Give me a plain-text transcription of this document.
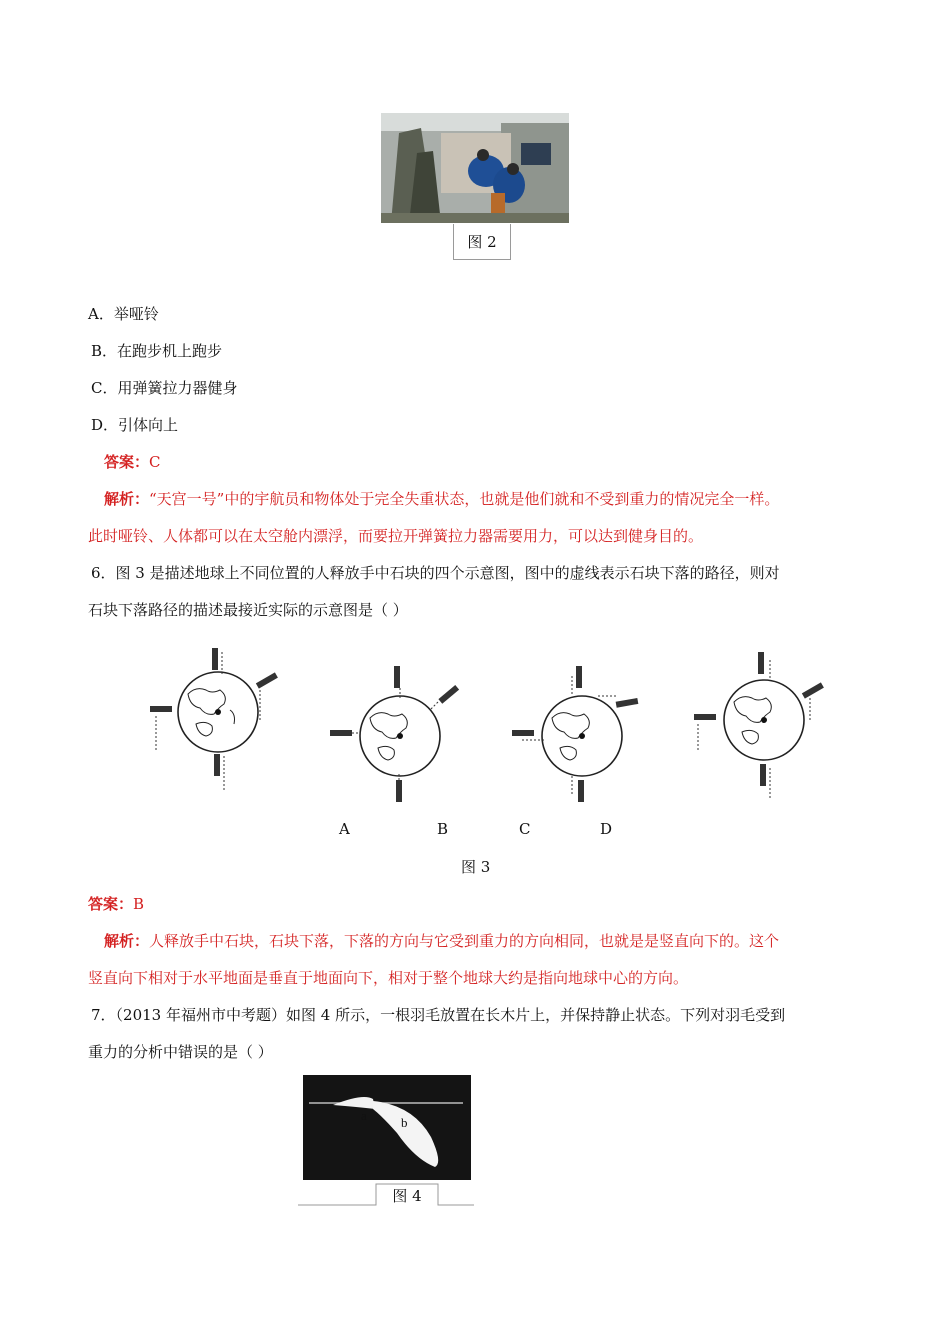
图 2
A．举哑铃
B．在跑步机上跑步
C．用弹簧拉力器健身
D．引体向上
答案：C
解析：“天宫一号”中的宇航员和物体处于完全失重状态，也就是他们就和不受到重力的情况完全一样。
此时哑铃、人体都可以在太空舱内漂浮，而要拉开弹簧拉力器需要用力，可以达到健身目的。
6．图 3 是描述地球上不同位置的人释放手中石块的四个示意图，图中的虚线表示石块下落的路径，则对
石块下落路径的描述最接近实际的示意图是（ ）
A	B	C	D
图 3
答案：B
解析：人释放手中石块，石块下落，下落的方向与它受到重力的方向相同，也就是是竖直向下的。这个
竖直向下相对于水平地面是垂直于地面向下，相对于整个地球大约是指向地球中心的方向。
7．（2013 年福州市中考题）如图 4 所示，一根羽毛放置在长木片上，并保持静止状态。下列对羽毛受到
重力的分析中错误的是（ ）
a	b
图 4
